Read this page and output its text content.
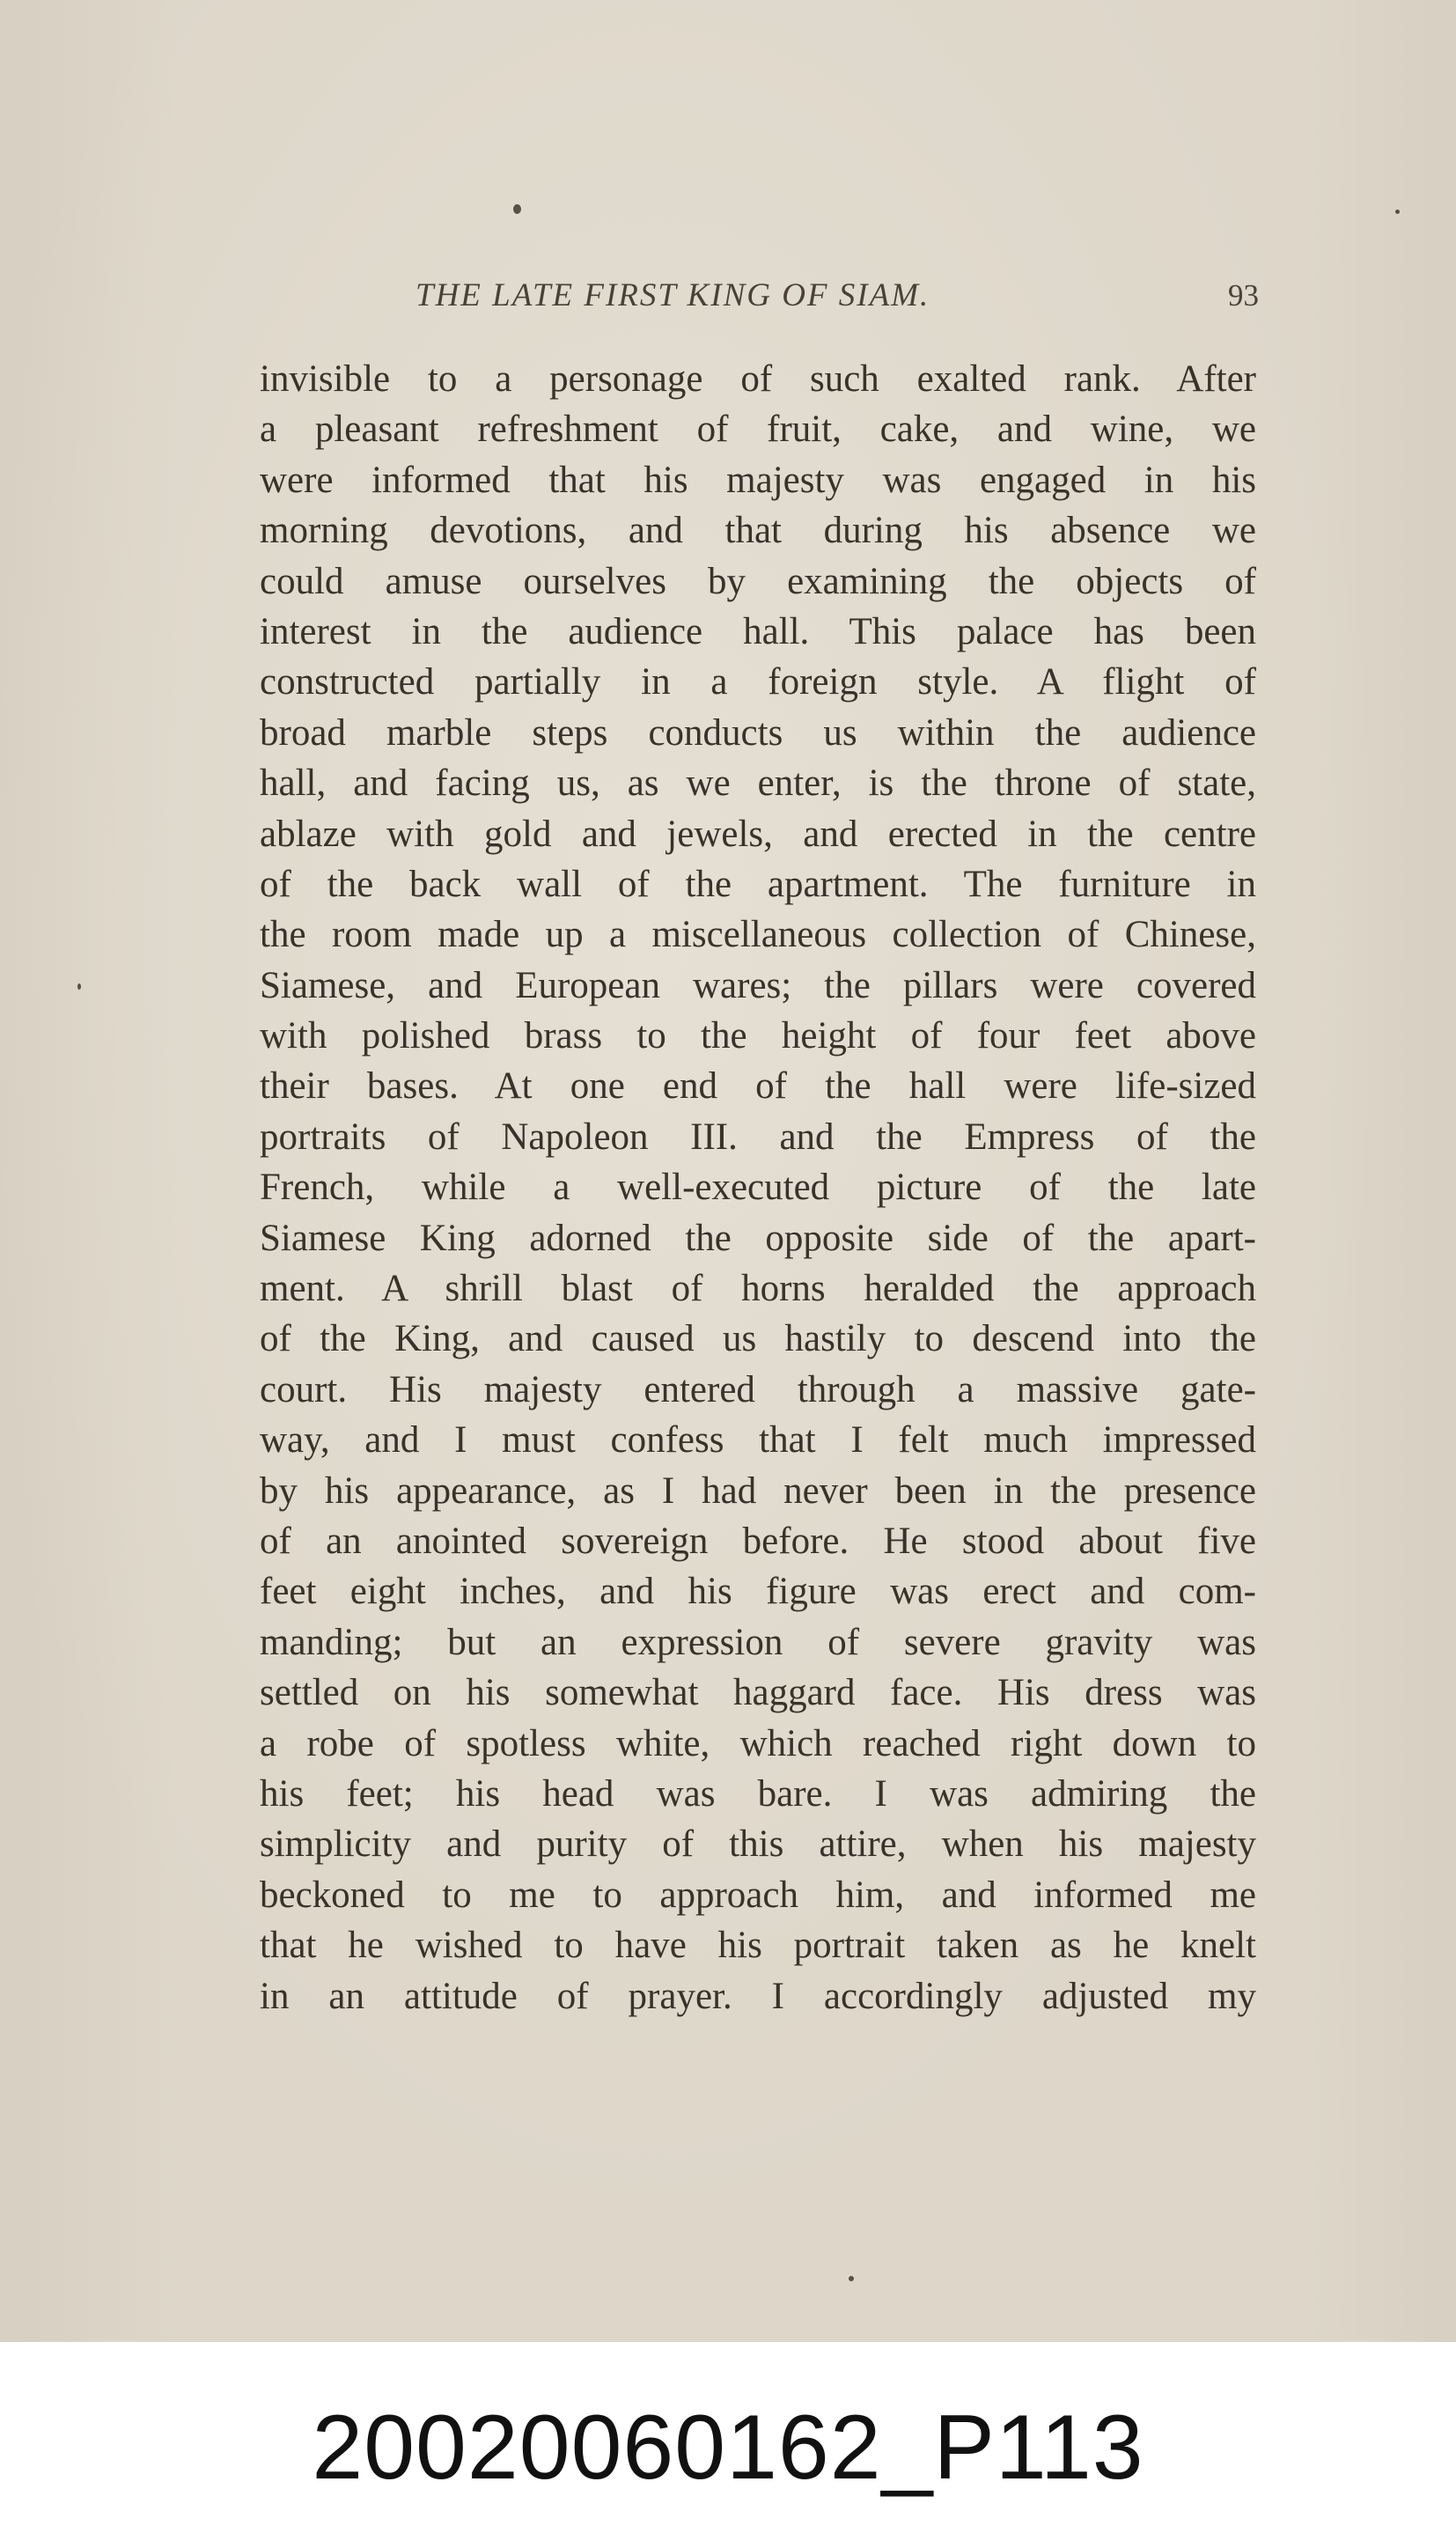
THE LATE FIRST KING OF SIAM.	93
invisible to a personage of such exalted rank. After
a pleasant refreshment of fruit, cake, and wine, we
were informed that his majesty was engaged in his
morning devotions, and that during his absence we
could amuse ourselves by examining the objects of
interest in the audience hall. This palace has been
constructed partially in a foreign style. A flight of
broad marble steps conducts us within the audience
hall, and facing us, as we enter, is the throne of state,
ablaze with gold and jewels, and erected in the centre
of the back wall of the apartment. The furniture in
the room made up a miscellaneous collection of Chinese,
Siamese, and European wares; the pillars were covered
with polished brass to the height of four feet above
their bases. At one end of the hall were life-sized
portraits of Napoleon III. and the Empress of the
French, while a well-executed picture of the late
Siamese King adorned the opposite side of the apart-
ment. A shrill blast of horns heralded the approach
of the King, and caused us hastily to descend into the
court. His majesty entered through a massive gate-
way, and I must confess that I felt much impressed
by his appearance, as I had never been in the presence
of an anointed sovereign before. He stood about five
feet eight inches, and his figure was erect and com-
manding; but an expression of severe gravity was
settled on his somewhat haggard face. His dress was
a robe of spotless white, which reached right down to
his feet; his head was bare. I was admiring the
simplicity and purity of this attire, when his majesty
beckoned to me to approach him, and informed me
that he wished to have his portrait taken as he knelt
in an attitude of prayer. I accordingly adjusted my
20020060162_P113
